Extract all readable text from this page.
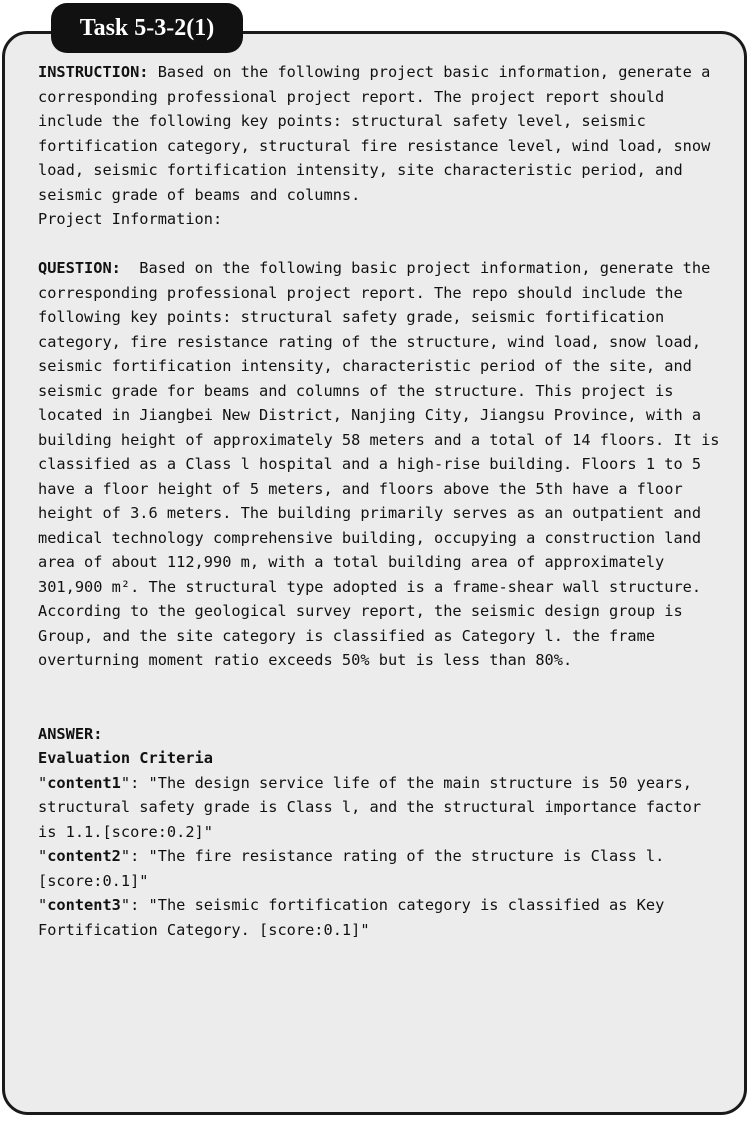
Task 5-3-2(1)
INSTRUCTION: Based on the following project basic information, generate a corresponding professional project report. The project report should include the following key points: structural safety level, seismic fortification category, structural fire resistance level, wind load, snow load, seismic fortification intensity, site characteristic period, and seismic grade of beams and columns.
Project Information:
QUESTION:  Based on the following basic project information, generate the corresponding professional project report. The repo should include the following key points: structural safety grade, seismic fortification category, fire resistance rating of the structure, wind load, snow load, seismic fortification intensity, characteristic period of the site, and seismic grade for beams and columns of the structure. This project is located in Jiangbei New District, Nanjing City, Jiangsu Province, with a building height of approximately 58 meters and a total of 14 floors. It is classified as a Class l hospital and a high-rise building. Floors 1 to 5 have a floor height of 5 meters, and floors above the 5th have a floor height of 3.6 meters. The building primarily serves as an outpatient and medical technology comprehensive building, occupying a construction land area of about 112,990 m, with a total building area of approximately 301,900 m². The structural type adopted is a frame-shear wall structure. According to the geological survey report, the seismic design group is Group, and the site category is classified as Category l. the frame overturning moment ratio exceeds 50% but is less than 80%.
ANSWER:
Evaluation Criteria
"content1": "The design service life of the main structure is 50 years, structural safety grade is Class l, and the structural importance factor is 1.1.[score:0.2]"
"content2": "The fire resistance rating of the structure is Class l. [score:0.1]"
"content3": "The seismic fortification category is classified as Key Fortification Category. [score:0.1]"
